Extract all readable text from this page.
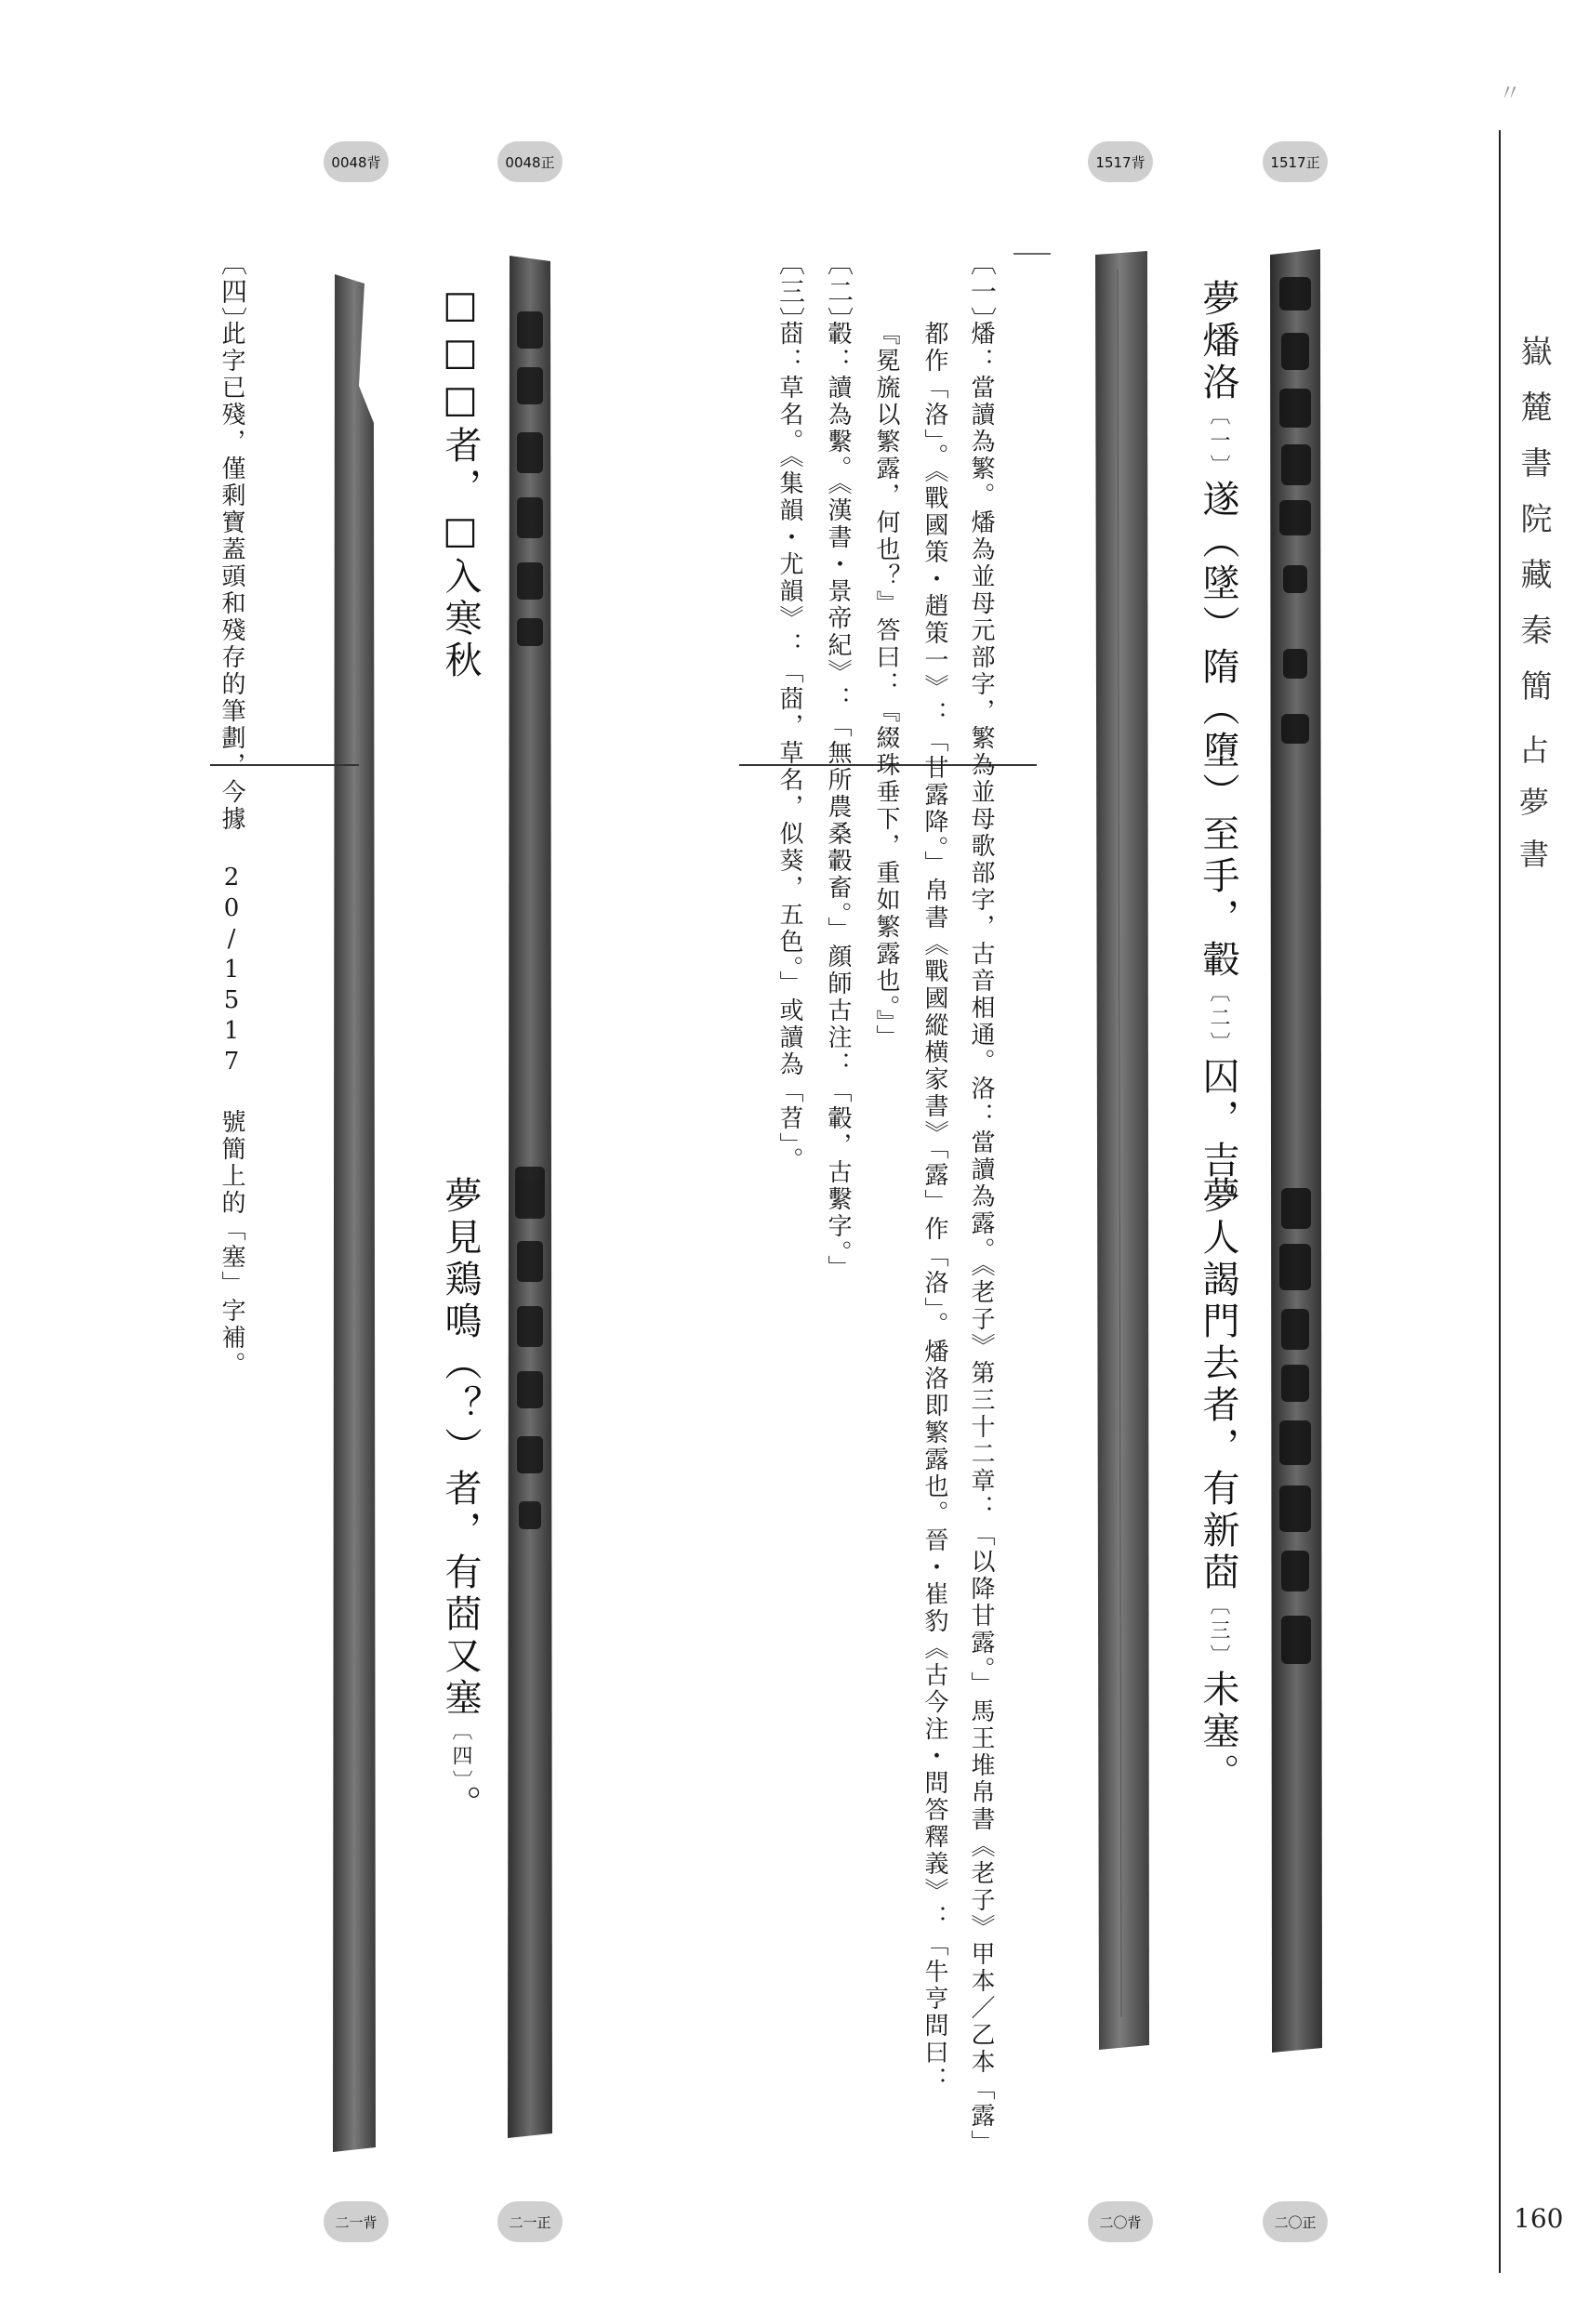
〃
嶽麓書院藏秦簡
占夢書
160
1517正
1517背
0048正
0048背
二〇正
二〇背
二一正
二一背
夢燔洛〔一〕遂（墜）隋（墮）至手，轂〔二〕囚，吉。
夢人謁門去者，有新莔〔三〕未塞。
□□□者，□入寒秋
夢見鶏鳴（？）者，有莔又塞〔四〕。
〔一〕
燔：當讀為繁。燔為並母元部字，繁為並母歌部字，古音相通。洛：當讀為露。《老子》第三十二章：「以降甘露。」馬王堆帛書《老子》甲本／乙本「露」
都作「洛」。《戰國策・趙策一》：「甘露降。」帛書《戰國縱横家書》「露」作「洛」。燔洛即繁露也。晉・崔豹《古今注・問答釋義》：「牛亨問曰：
『冕旒以繁露，何也？』答曰：『綴珠垂下，重如繁露也。』」
〔二〕
轂：讀為繫。《漢書・景帝紀》：「無所農桑轂畜。」顔師古注：「轂，古繫字。」
〔三〕
莔：草名。《集韻・尤韻》：「莔，草名，似葵，五色。」或讀為「苕」。
〔四〕
此字已殘，僅剩寶蓋頭和殘存的筆劃，今據 20/1517 號簡上的「塞」字補。
